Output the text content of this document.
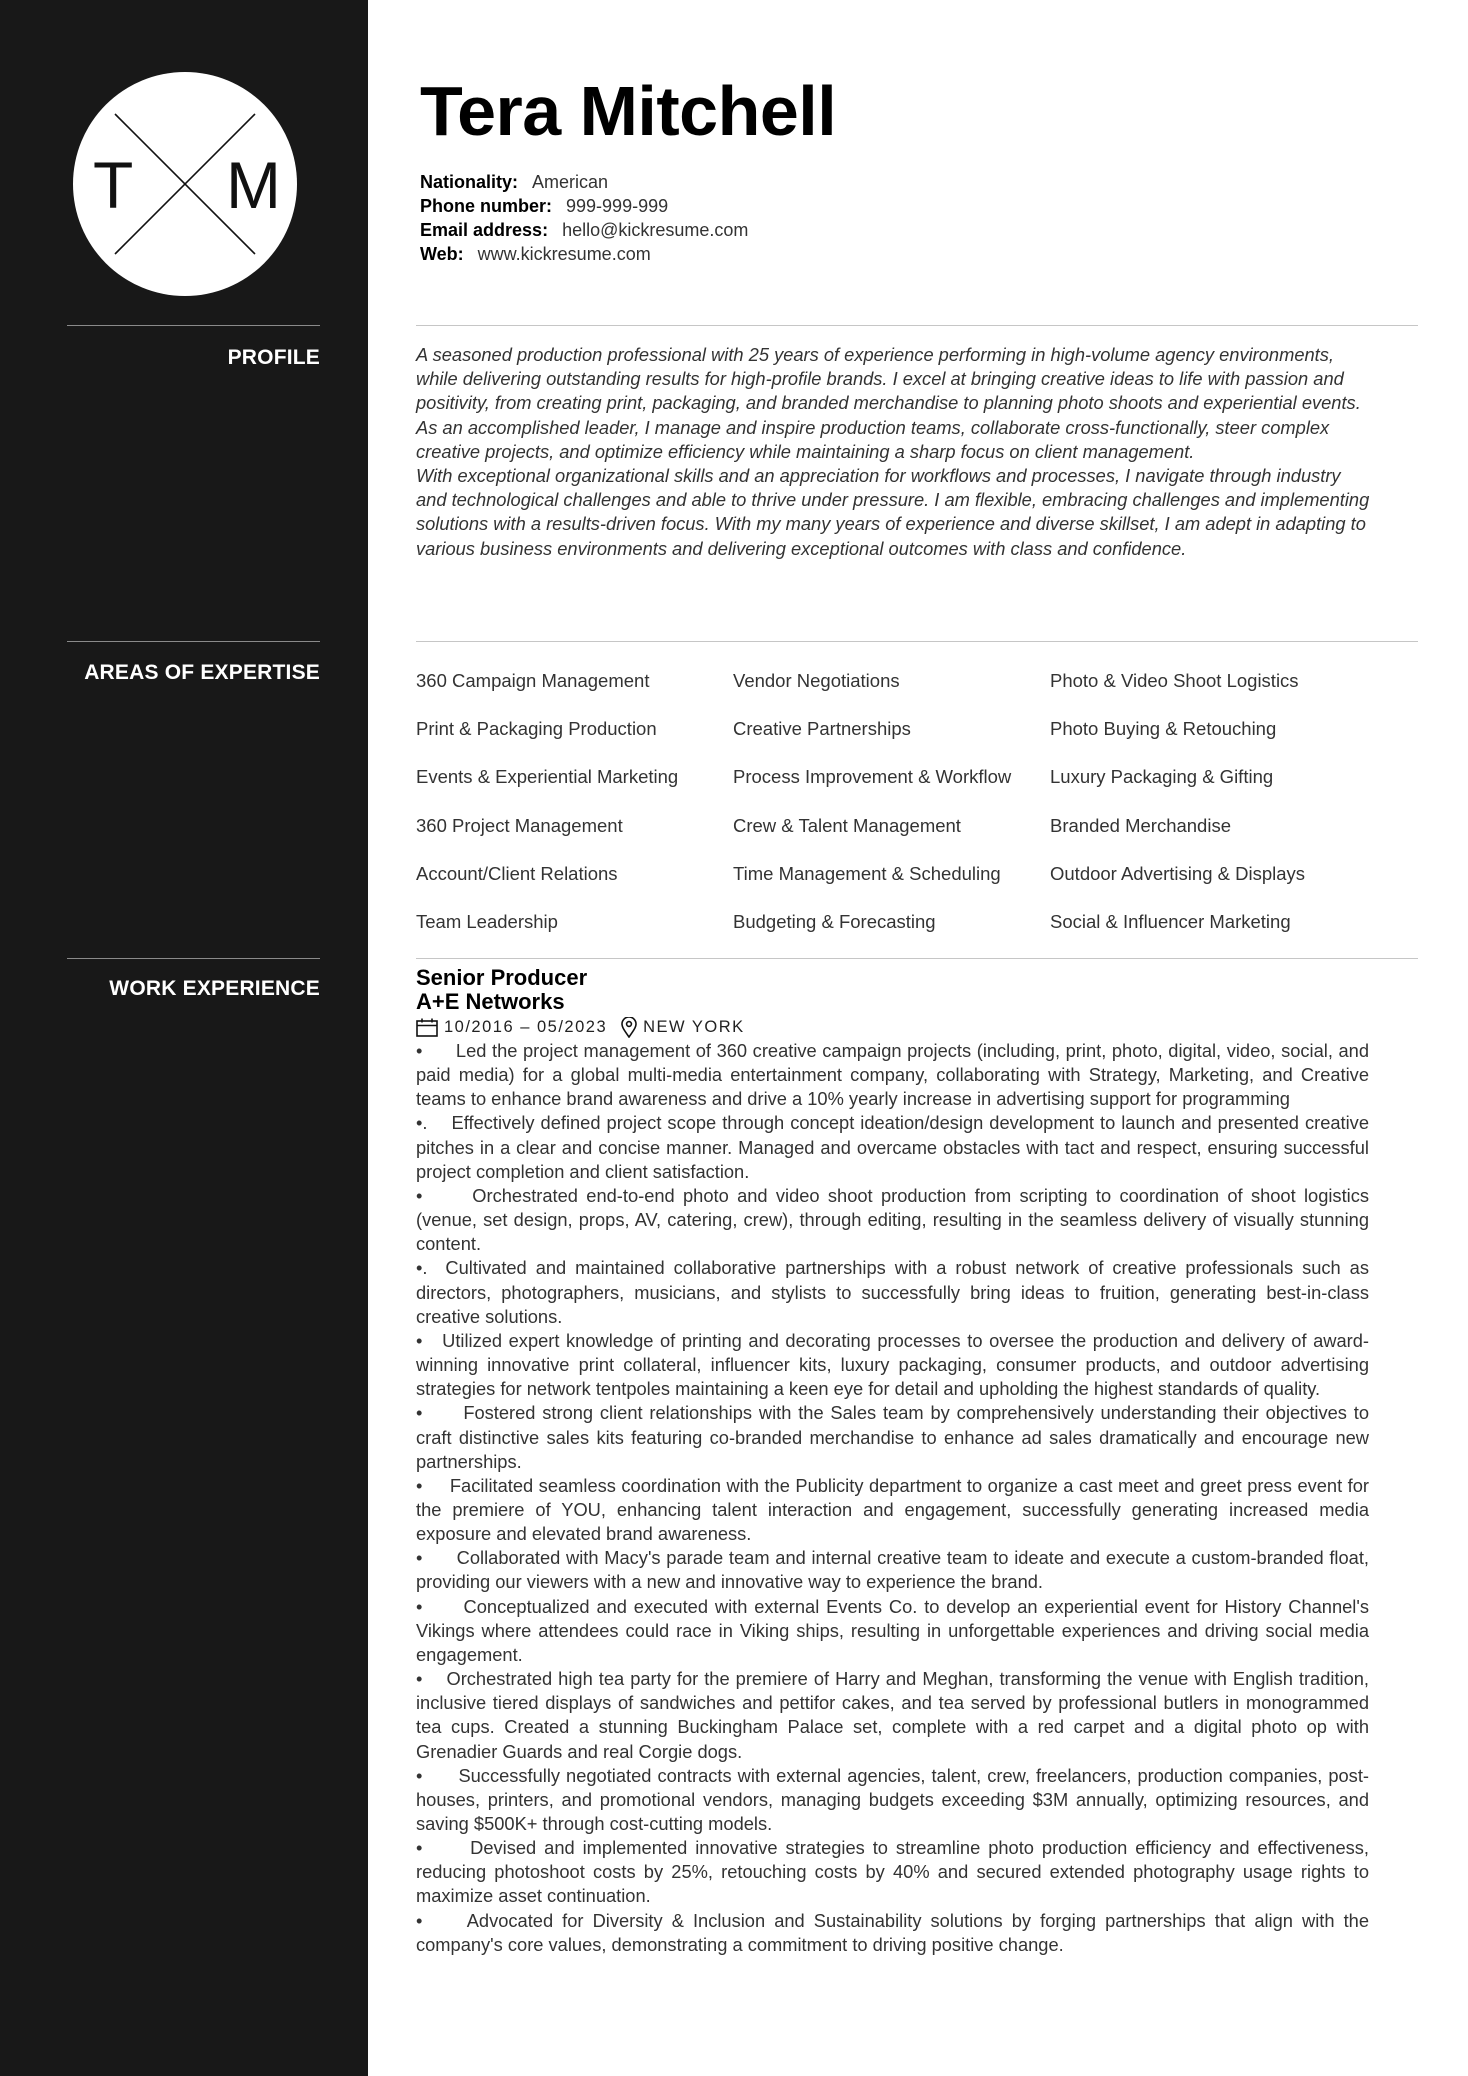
T M
PROFILE
AREAS OF EXPERTISE
WORK EXPERIENCE
Tera Mitchell
Nationality: American
Phone number: 999-999-999
Email address: hello@kickresume.com
Web: www.kickresume.com

A seasoned production professional with 25 years of experience performing in high-volume agency environments, while delivering outstanding results for high-profile brands. I excel at bringing creative ideas to life with passion and positivity, from creating print, packaging, and branded merchandise to planning photo shoots and experiential events. As an accomplished leader, I manage and inspire production teams, collaborate cross-functionally, steer complex creative projects, and optimize efficiency while maintaining a sharp focus on client management.

With exceptional organizational skills and an appreciation for workflows and processes, I navigate through industry and technological challenges and able to thrive under pressure. I am flexible, embracing challenges and implementing solutions with a results-driven focus. With my many years of experience and diverse skillset, I am adept in adapting to various business environments and delivering exceptional outcomes with class and confidence.

360 Campaign Management	Vendor Negotiations	Photo & Video Shoot Logistics
Print & Packaging Production	Creative Partnerships	Photo Buying & Retouching
Events & Experiential Marketing	Process Improvement & Workflow	Luxury Packaging & Gifting
360 Project Management	Crew & Talent Management	Branded Merchandise
Account/Client Relations	Time Management & Scheduling	Outdoor Advertising & Displays
Team Leadership	Budgeting & Forecasting	Social & Influencer Marketing
Senior Producer
A+E Networks
10/2016 – 05/2023 NEW YORK
•      Led the project management of 360 creative campaign projects (including, print, photo, digital, video, social, and paid media) for a global multi-media entertainment company, collaborating with Strategy, Marketing, and Creative teams to enhance brand awareness and drive a 10% yearly increase in advertising support for programming
•.    Effectively defined project scope through concept ideation/design development to launch and presented creative pitches in a clear and concise manner. Managed and overcame obstacles with tact and respect, ensuring successful project completion and client satisfaction.
•      Orchestrated end-to-end photo and video shoot production from scripting to coordination of shoot logistics (venue, set design, props, AV, catering, crew), through editing, resulting in the seamless delivery of visually stunning content.
•.  Cultivated and maintained collaborative partnerships with a robust network of creative professionals such as directors, photographers, musicians, and stylists to successfully bring ideas to fruition, generating best-in-class creative solutions.
•   Utilized expert knowledge of printing and decorating processes to oversee the production and delivery of award-winning innovative print collateral, influencer kits, luxury packaging, consumer products, and outdoor advertising strategies for network tentpoles maintaining a keen eye for detail and upholding the highest standards of quality.
•      Fostered strong client relationships with the Sales team by comprehensively understanding their objectives to craft distinctive sales kits featuring co-branded merchandise to enhance ad sales dramatically and encourage new partnerships.
•     Facilitated seamless coordination with the Publicity department to organize a cast meet and greet press event for the premiere of YOU, enhancing talent interaction and engagement, successfully generating increased media exposure and elevated brand awareness.
•      Collaborated with Macy's parade team and internal creative team to ideate and execute a custom-branded float, providing our viewers with a new and innovative way to experience the brand.
•      Conceptualized and executed with external Events Co. to develop an experiential event for History Channel's Vikings where attendees could race in Viking ships, resulting in unforgettable experiences and driving social media engagement.
•    Orchestrated high tea party for the premiere of Harry and Meghan, transforming the venue with English tradition, inclusive tiered displays of sandwiches and pettifor cakes, and tea served by professional butlers in monogrammed tea cups. Created a stunning Buckingham Palace set, complete with a red carpet and a digital photo op with Grenadier Guards and real Corgie dogs.
•      Successfully negotiated contracts with external agencies, talent, crew, freelancers, production companies, post-houses, printers, and promotional vendors, managing budgets exceeding $3M annually, optimizing resources, and saving $500K+ through cost-cutting models.
•      Devised and implemented innovative strategies to streamline photo production efficiency and effectiveness, reducing photoshoot costs by 25%, retouching costs by 40% and secured extended photography usage rights to maximize asset continuation.
•     Advocated for Diversity & Inclusion and Sustainability solutions by forging partnerships that align with the company's core values, demonstrating a commitment to driving positive change.
